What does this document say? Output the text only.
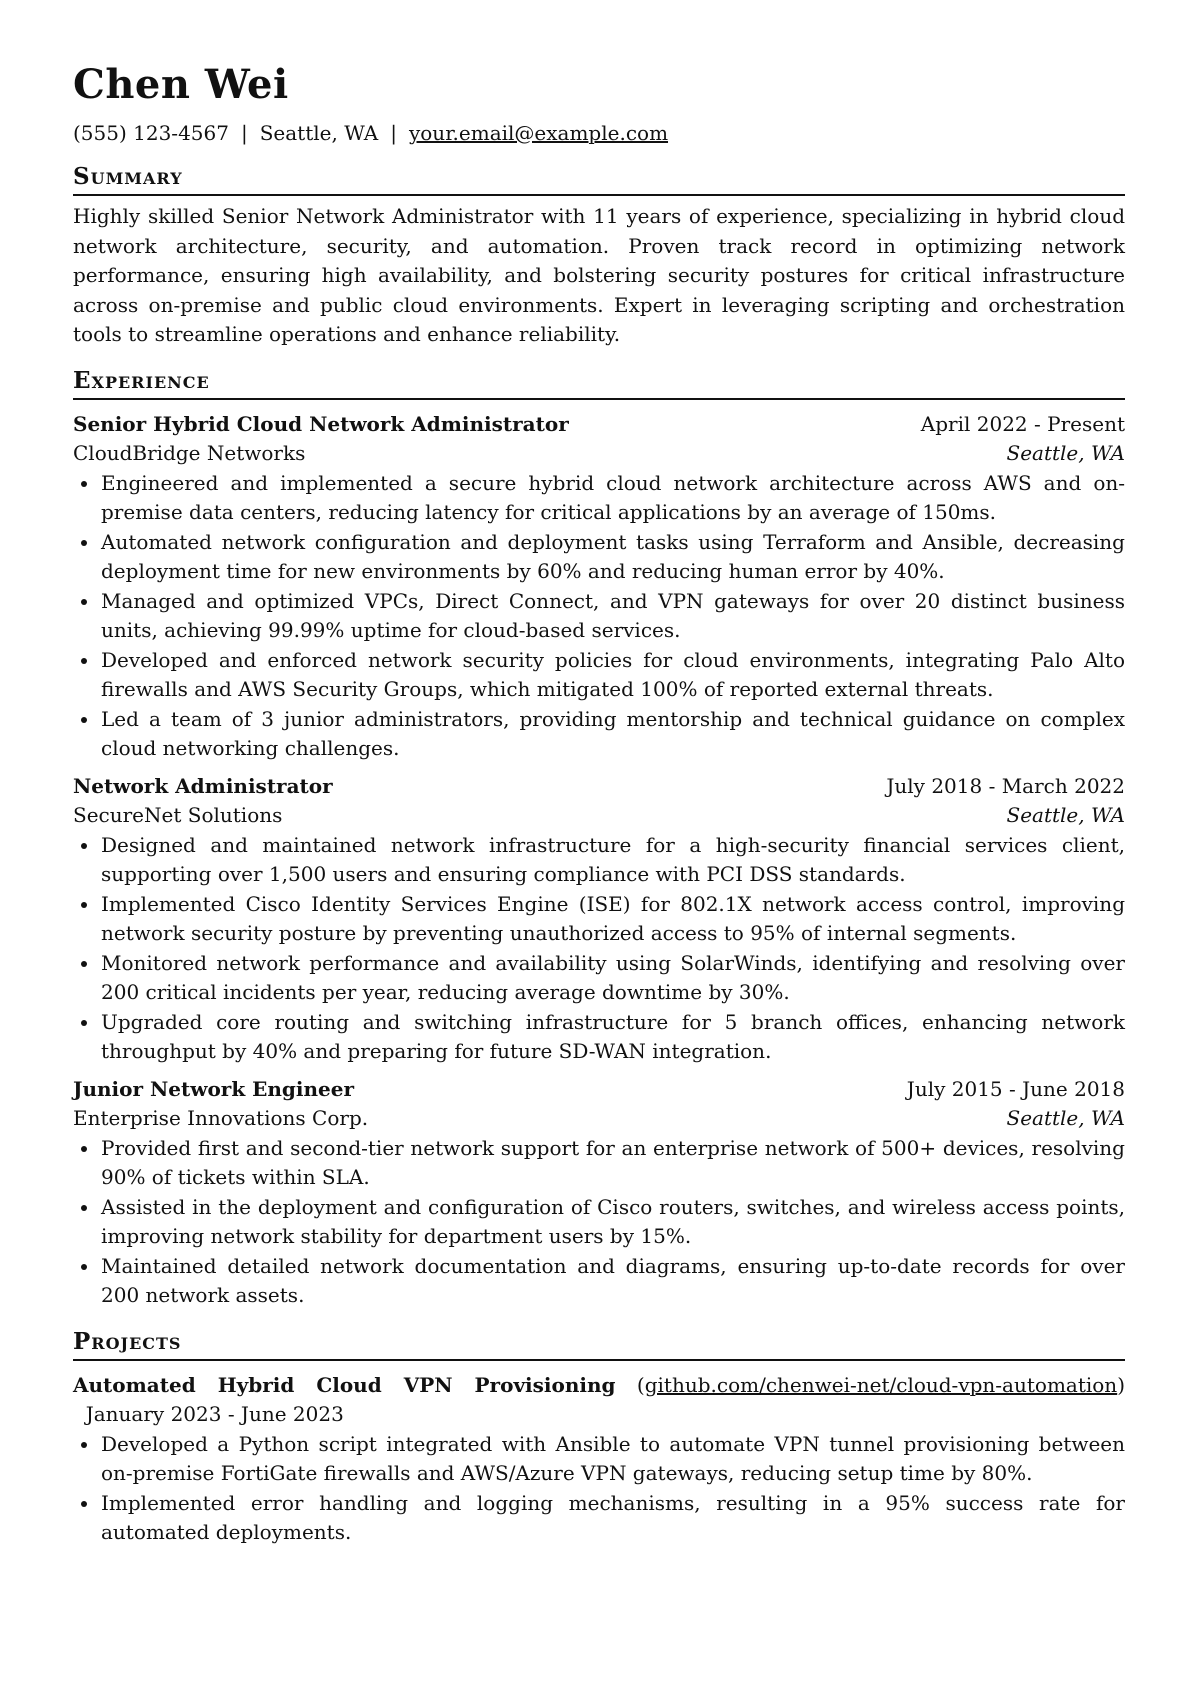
Chen Wei
(555) 123-4567 | Seattle, WA | your.email@example.com
Summary

Highly skilled Senior Network Administrator with 11 years of experience, specializing in hybrid cloud network architecture, security, and automation. Proven track record in optimizing network performance, ensuring high availability, and bolstering security postures for critical infrastructure across on-premise and public cloud environments. Expert in leveraging scripting and orchestration tools to streamline operations and enhance reliability.

Experience
Senior Hybrid Cloud Network Administrator	April 2022 - Present
CloudBridge Networks	Seattle, WA
Engineered and implemented a secure hybrid cloud network architecture across AWS and on-premise data centers, reducing latency for critical applications by an average of 150ms.
Automated network configuration and deployment tasks using Terraform and Ansible, decreasing deployment time for new environments by 60% and reducing human error by 40%.
Managed and optimized VPCs, Direct Connect, and VPN gateways for over 20 distinct business units, achieving 99.99% uptime for cloud-based services.
Developed and enforced network security policies for cloud environments, integrating Palo Alto firewalls and AWS Security Groups, which mitigated 100% of reported external threats.
Led a team of 3 junior administrators, providing mentorship and technical guidance on complex cloud networking challenges.
Network Administrator	July 2018 - March 2022
SecureNet Solutions	Seattle, WA
Designed and maintained network infrastructure for a high-security financial services client, supporting over 1,500 users and ensuring compliance with PCI DSS standards.
Implemented Cisco Identity Services Engine (ISE) for 802.1X network access control, improving network security posture by preventing unauthorized access to 95% of internal segments.
Monitored network performance and availability using SolarWinds, identifying and resolving over 200 critical incidents per year, reducing average downtime by 30%.
Upgraded core routing and switching infrastructure for 5 branch offices, enhancing network throughput by 40% and preparing for future SD-WAN integration.
Junior Network Engineer	July 2015 - June 2018
Enterprise Innovations Corp.	Seattle, WA
Provided first and second-tier network support for an enterprise network of 500+ devices, resolving 90% of tickets within SLA.
Assisted in the deployment and configuration of Cisco routers, switches, and wireless access points, improving network stability for department users by 15%.
Maintained detailed network documentation and diagrams, ensuring up-to-date records for over 200 network assets.
Projects
Automated Hybrid Cloud VPN Provisioning (github.com/chenwei-net/cloud-vpn-automation)   January 2023 - June 2023
Developed a Python script integrated with Ansible to automate VPN tunnel provisioning between on-premise FortiGate firewalls and AWS/Azure VPN gateways, reducing setup time by 80%.
Implemented error handling and logging mechanisms, resulting in a 95% success rate for automated deployments.
